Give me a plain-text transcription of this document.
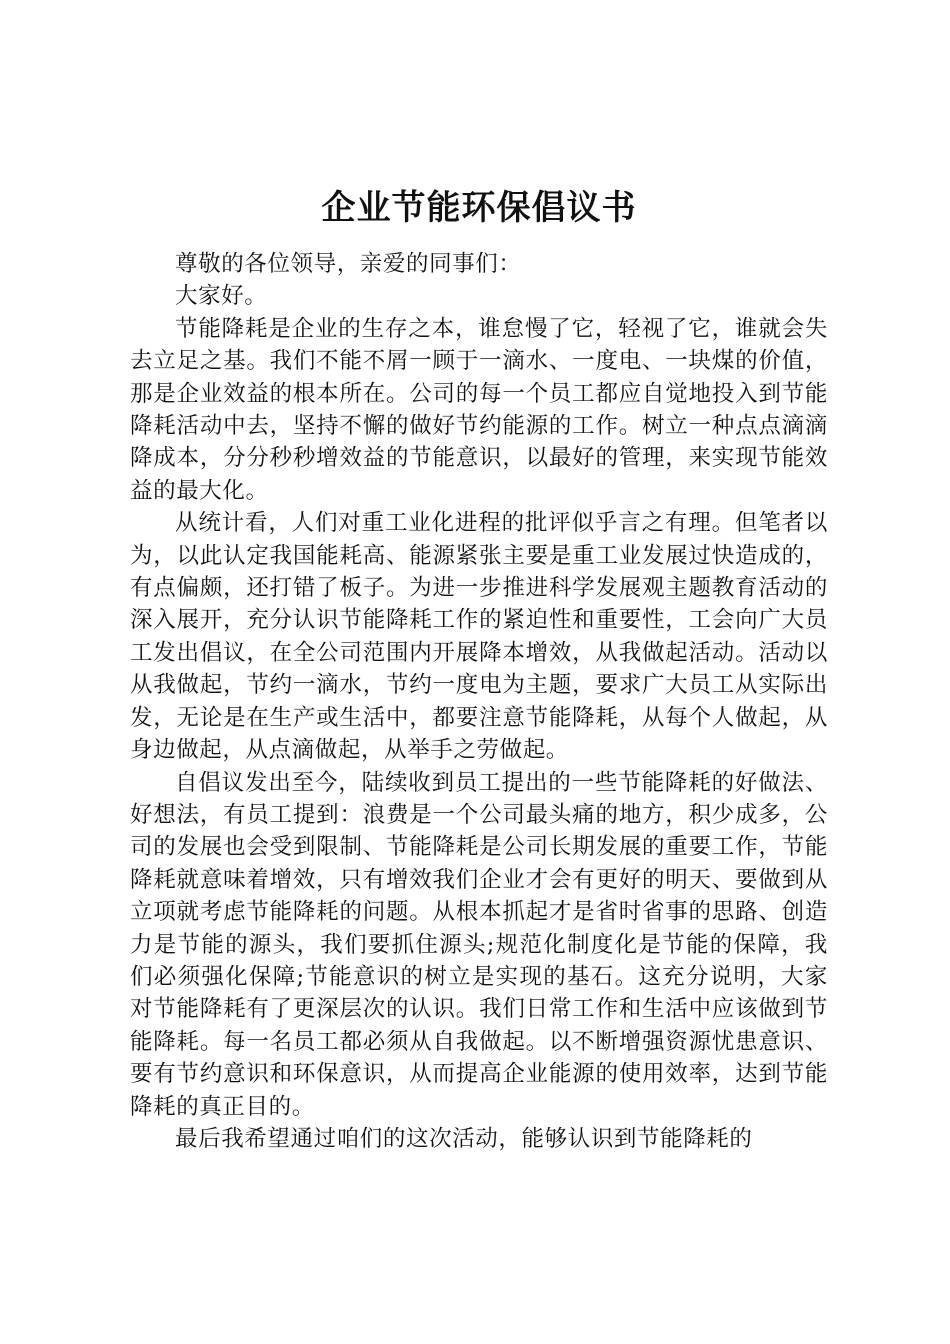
企业节能环保倡议书

尊敬的各位领导，亲爱的同事们：

大家好。

节能降耗是企业的生存之本，谁怠慢了它，轻视了它，谁就会失去立足之基。我们不能不屑一顾于一滴水、一度电、一块煤的价值，那是企业效益的根本所在。公司的每一个员工都应自觉地投入到节能降耗活动中去，坚持不懈的做好节约能源的工作。树立一种点点滴滴降成本，分分秒秒增效益的节能意识，以最好的管理，来实现节能效益的最大化。

从统计看，人们对重工业化进程的批评似乎言之有理。但笔者以为，以此认定我国能耗高、能源紧张主要是重工业发展过快造成的，有点偏颇，还打错了板子。为进一步推进科学发展观主题教育活动的深入展开，充分认识节能降耗工作的紧迫性和重要性，工会向广大员工发出倡议，在全公司范围内开展降本增效，从我做起活动。活动以从我做起，节约一滴水，节约一度电为主题，要求广大员工从实际出发，无论是在生产或生活中，都要注意节能降耗，从每个人做起，从身边做起，从点滴做起，从举手之劳做起。

自倡议发出至今，陆续收到员工提出的一些节能降耗的好做法、好想法，有员工提到：浪费是一个公司最头痛的地方，积少成多，公司的发展也会受到限制、节能降耗是公司长期发展的重要工作，节能降耗就意味着增效，只有增效我们企业才会有更好的明天、要做到从立项就考虑节能降耗的问题。从根本抓起才是省时省事的思路、创造力是节能的源头，我们要抓住源头;规范化制度化是节能的保障，我们必须强化保障;节能意识的树立是实现的基石。这充分说明，大家对节能降耗有了更深层次的认识。我们日常工作和生活中应该做到节能降耗。每一名员工都必须从自我做起。以不断增强资源忧患意识、要有节约意识和环保意识，从而提高企业能源的使用效率，达到节能降耗的真正目的。

最后我希望通过咱们的这次活动，能够认识到节能降耗的
